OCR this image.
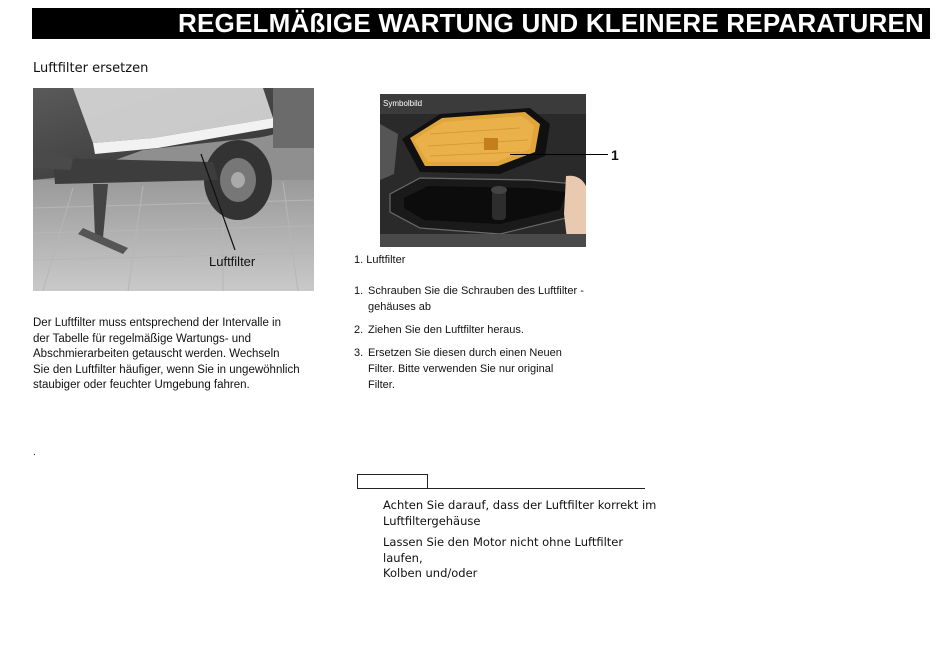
REGELMÄßIGE WARTUNG UND KLEINERE REPARATUREN
Luftfilter ersetzen
Luftfilter

Der Luftfilter muss entsprechend der Intervalle in

der Tabelle für regelmäßige Wartungs- und

Abschmierarbeiten getauscht werden. Wechseln

Sie den Luftfilter häufiger, wenn Sie in ungewöhnlich

staubiger oder feuchter Umgebung fahren.

.
Symbolbild
1
1. Luftfilter
1. Schrauben Sie die Schrauben des Luftfilter -
gehäuses ab
2. Ziehen Sie den Luftfilter heraus.
3. Ersetzen Sie diesen durch einen Neuen
Filter. Bitte verwenden Sie nur original
Filter.

Achten Sie darauf, dass der Luftfilter korrekt im
Luftfiltergehäuse

Lassen Sie den Motor nicht ohne Luftfilter laufen,
Kolben und/oder
